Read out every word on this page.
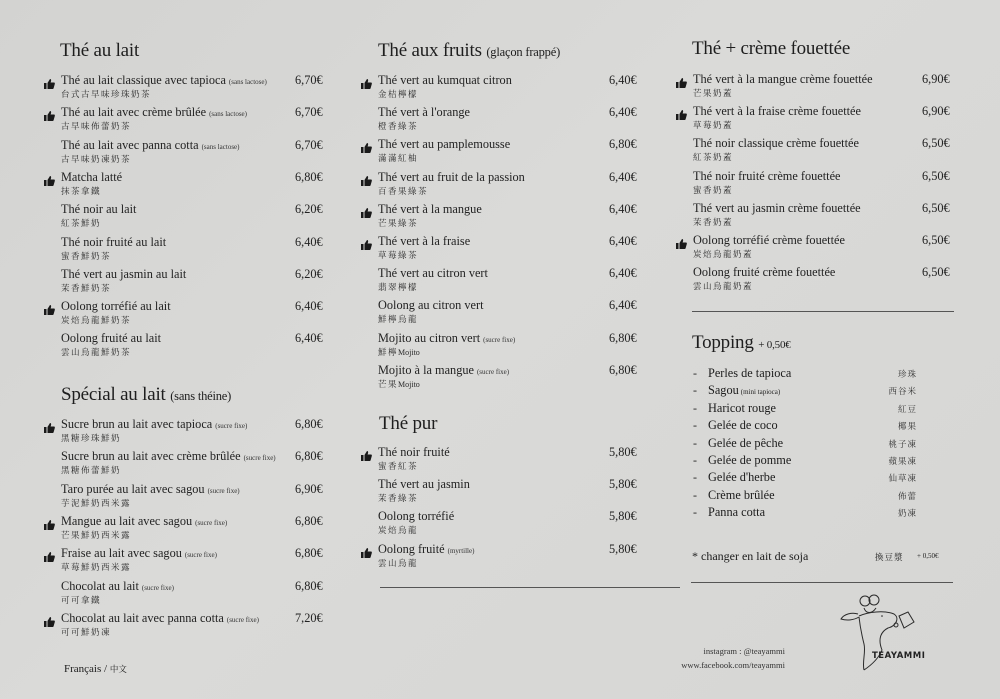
Thé au lait
Thé au lait classique avec tapioca (sans lactose)
台式古早味珍珠奶茶
6,70€
Thé au lait avec crème brûlée (sans lactose)
古早味佈蕾奶茶
6,70€
Thé au lait avec panna cotta (sans lactose)
古早味奶凍奶茶
6,70€
Matcha latté
抹茶拿鐵
6,80€
Thé noir au lait
紅茶鮮奶
6,20€
Thé noir fruité au lait
蜜香鮮奶茶
6,40€
Thé vert au jasmin au lait
茉香鮮奶茶
6,20€
Oolong torréfié au lait
炭焙烏龍鮮奶茶
6,40€
Oolong fruité au lait
雲山烏龍鮮奶茶
6,40€
Spécial au lait (sans théine)
Sucre brun au lait avec tapioca (sucre fixe)
黑糖珍珠鮮奶
6,80€
Sucre brun au lait avec crème brûlée (sucre fixe)
黑糖佈蕾鮮奶
6,80€
Taro purée au lait avec sagou (sucre fixe)
芋泥鮮奶西米露
6,90€
Mangue au lait avec sagou (sucre fixe)
芒果鮮奶西米露
6,80€
Fraise au lait avec sagou (sucre fixe)
草莓鮮奶西米露
6,80€
Chocolat au lait (sucre fixe)
可可拿鐵
6,80€
Chocolat au lait avec panna cotta (sucre fixe)
可可鮮奶凍
7,20€
Français / 中文
Thé aux fruits (glaçon frappé)
Thé vert au kumquat citron
金桔檸檬
6,40€
Thé vert à l'orange
橙香綠茶
6,40€
Thé vert au pamplemousse
滿滿紅柚
6,80€
Thé vert au fruit de la passion
百香果綠茶
6,40€
Thé vert à la mangue
芒果綠茶
6,40€
Thé vert à la fraise
草莓綠茶
6,40€
Thé vert au citron vert
翡翠檸檬
6,40€
Oolong au citron vert
鮮檸烏龍
6,40€
Mojito au citron vert (sucre fixe)
鮮檸Mojito
6,80€
Mojito à la mangue (sucre fixe)
芒果Mojito
6,80€
Thé pur
Thé noir fruité
蜜香紅茶
5,80€
Thé vert au jasmin
茉香綠茶
5,80€
Oolong torréfié
炭焙烏龍
5,80€
Oolong fruité (myrtille)
雲山烏龍
5,80€
Thé + crème fouettée
Thé vert à la mangue crème fouettée
芒果奶蓋
6,90€
Thé vert à la fraise crème fouettée
草莓奶蓋
6,90€
Thé noir classique crème fouettée
紅茶奶蓋
6,50€
Thé noir fruité crème fouettée
蜜香奶蓋
6,50€
Thé vert au jasmin crème fouettée
茉香奶蓋
6,50€
Oolong torréfié crème fouettée
炭焙烏龍奶蓋
6,50€
Oolong fruité crème fouettée
雲山烏龍奶蓋
6,50€
Topping + 0,50€
- Perles de tapioca	珍珠
- Sagou (mini tapioca)	西谷米
- Haricot rouge	紅豆
- Gelée de coco	椰果
- Gelée de pêche	桃子凍
- Gelée de pomme	蘋果凍
- Gelée d'herbe	仙草凍
- Crème brûlée	佈蕾
- Panna cotta	奶凍
* changer en lait de soja	換豆漿 + 0,50€
instagram : @teayammi
www.facebook.com/teayammi
TEAYAMMI
